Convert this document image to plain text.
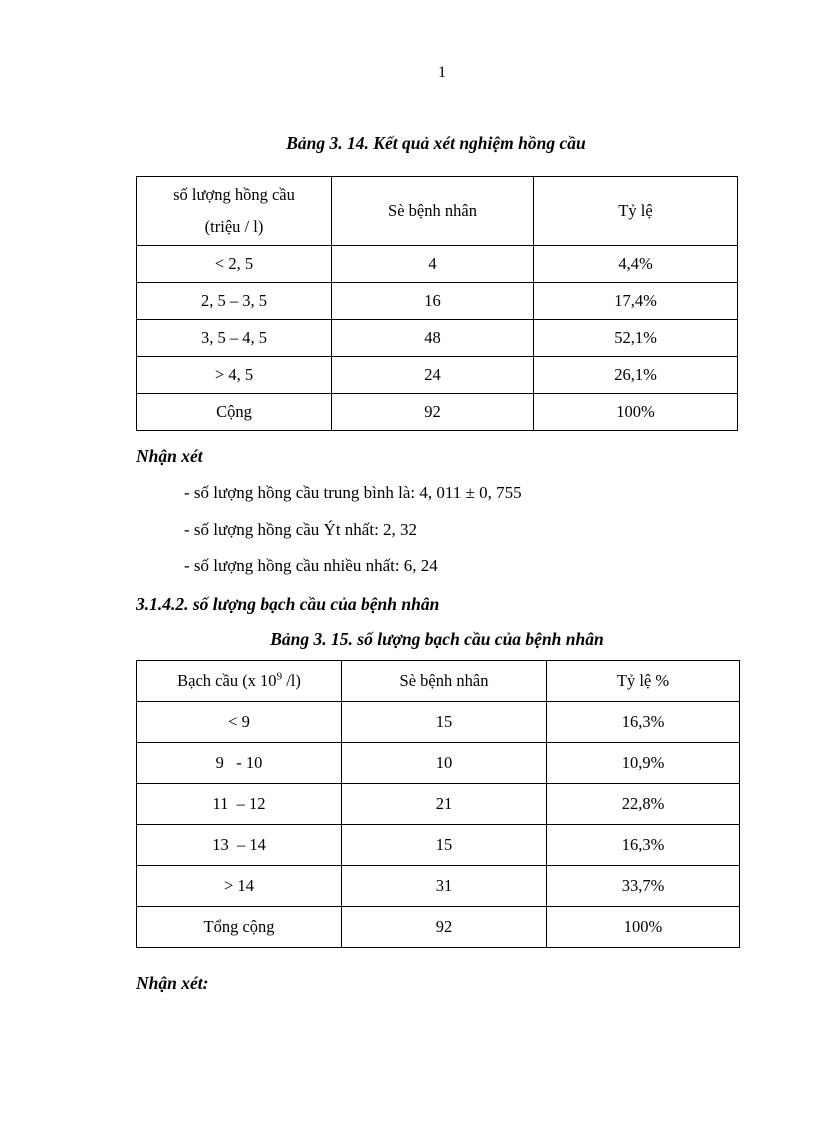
1
Bảng 3. 14. Kết quả xét nghiệm hồng cầu
số lượng hồng cầu
(triệu / l)	Sè bệnh nhân	Tỷ lệ
< 2, 5	4	4,4%
2, 5 – 3, 5	16	17,4%
3, 5 – 4, 5	48	52,1%
> 4, 5	24	26,1%
Cộng	92	100%
Nhận xét
- số lượng hồng cầu trung bình là: 4, 011 ± 0, 755
- số lượng hồng cầu Ýt nhất: 2, 32
- số lượng hồng cầu nhiều nhất: 6, 24
3.1.4.2. số lượng bạch cầu của bệnh nhân
Bảng 3. 15. số lượng bạch cầu của bệnh nhân
Bạch cầu (x $10^9$ /l)	Sè bệnh nhân	Tỷ lệ %
< 9	15	16,3%
9   - 10	10	10,9%
11  – 12	21	22,8%
13  – 14	15	16,3%
> 14	31	33,7%
Tổng cộng	92	100%
Nhận xét:
